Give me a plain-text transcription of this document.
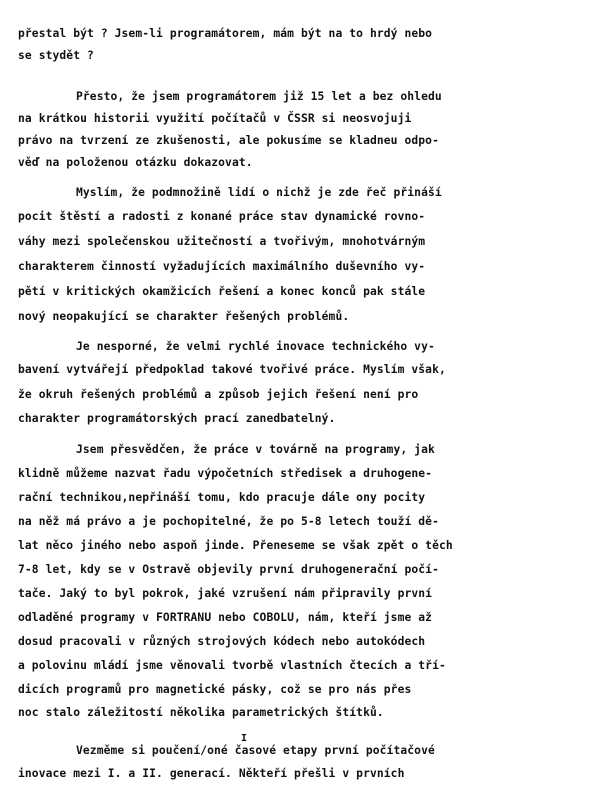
přestal být ? Jsem-li programátorem, mám být na to hrdý nebo
se stydět ?
Přesto, že jsem programátorem již 15 let a bez ohledu
na krátkou historii využití počítačů v ČSSR si neosvojuji
právo na tvrzení ze zkušenosti, ale pokusíme se kladneu odpo-
věď na položenou otázku dokazovat.
Myslím, že podmnožině lidí o nichž je zde řeč přináší
pocit štěstí a radosti z konané práce stav dynamické rovno-
váhy mezi společenskou užitečností a tvořivým, mnohotvárným
charakterem činností vyžadujících maximálního duševního vy-
pětí v kritických okamžicích řešení a konec konců pak stále
nový neopakující se charakter řešených problémů.
Je nesporné, že velmi rychlé inovace technického vy-
bavení vytvářejí předpoklad takové tvořivé práce. Myslím však,
že okruh řešených problémů a způsob jejich řešení není pro
charakter programátorských prací zanedbatelný.
Jsem přesvědčen, že práce v továrně na programy, jak
klidně můžeme nazvat řadu výpočetních středisek a druhogene-
rační technikou,nepřináší tomu, kdo pracuje dále ony pocity
na něž má právo a je pochopitelné, že po 5-8 letech touží dě-
lat něco jiného nebo aspoň jinde. Přeneseme se však zpět o těch
7-8 let, kdy se v Ostravě objevily první druhogenerační počí-
tače. Jaký to byl pokrok, jaké vzrušení nám připravily první
odladěné programy v FORTRANU nebo COBOLU, nám, kteří jsme až
dosud pracovali v různých strojových kódech nebo autokódech
a polovinu mládí jsme věnovali tvorbě vlastních čtecích a tří-
dicích programů pro magnetické pásky, což se pro nás přes
noc stalo záležitostí několika parametrických štítků.
I
Vezměme si poučení/oné časové etapy první počítačové
inovace mezi I. a II. generací. Někteří přešli v prvních
